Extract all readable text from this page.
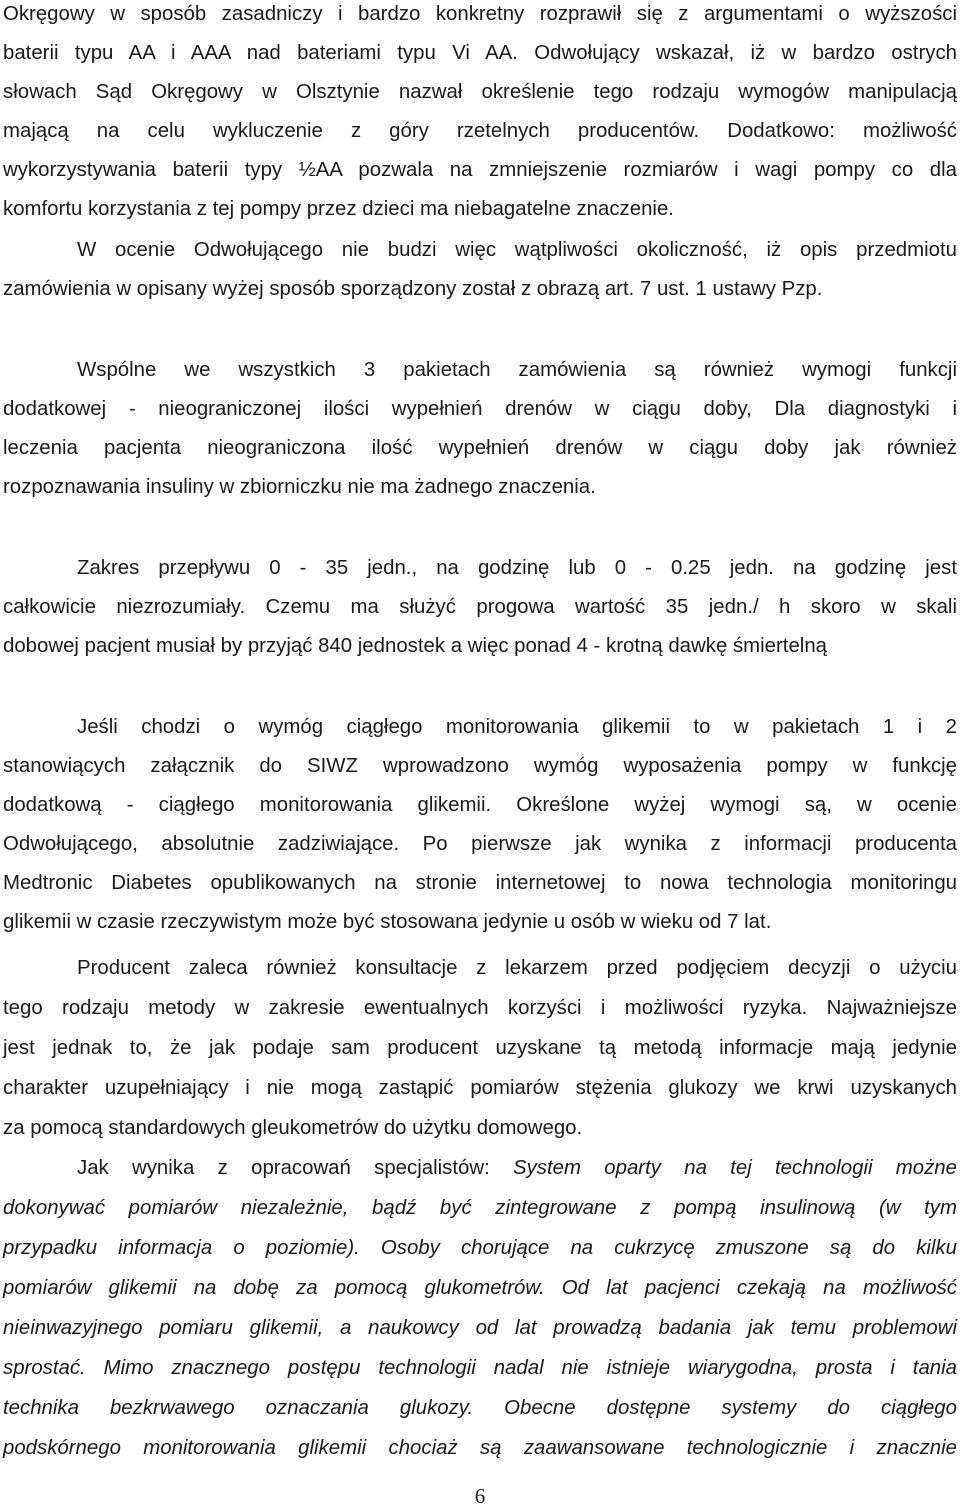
Okręgowy w sposób zasadniczy i bardzo konkretny rozprawił się z argumentami o wyższości
baterii typu AA i AAA nad bateriami typu Vi AA. Odwołujący wskazał, iż w bardzo ostrych
słowach Sąd Okręgowy w Olsztynie nazwał określenie tego rodzaju wymogów manipulacją
mającą na celu wykluczenie z góry rzetelnych producentów. Dodatkowo: możliwość
wykorzystywania baterii typy ½AA pozwala na zmniejszenie rozmiarów i wagi pompy co dla
komfortu korzystania z tej pompy przez dzieci ma niebagatelne znaczenie.
W ocenie Odwołującego nie budzi więc wątpliwości okoliczność, iż opis przedmiotu
zamówienia w opisany wyżej sposób sporządzony został z obrazą art. 7 ust. 1 ustawy Pzp.
Wspólne we wszystkich 3 pakietach zamówienia są również wymogi funkcji
dodatkowej - nieograniczonej ilości wypełnień drenów w ciągu doby, Dla diagnostyki i
leczenia pacjenta nieograniczona ilość wypełnień drenów w ciągu doby jak również
rozpoznawania insuliny w zbiorniczku nie ma żadnego znaczenia.
Zakres przepływu 0 - 35 jedn., na godzinę lub 0 - 0.25 jedn. na godzinę jest
całkowicie niezrozumiały. Czemu ma służyć progowa wartość 35 jedn./ h skoro w skali
dobowej pacjent musiał by przyjąć 840 jednostek a więc ponad 4 - krotną dawkę śmiertelną
Jeśli chodzi o wymóg ciągłego monitorowania glikemii to w pakietach 1 i 2
stanowiących załącznik do SIWZ wprowadzono wymóg wyposażenia pompy w funkcję
dodatkową - ciągłego monitorowania glikemii. Określone wyżej wymogi są, w ocenie
Odwołującego, absolutnie zadziwiające. Po pierwsze jak wynika z informacji producenta
Medtronic Diabetes opublikowanych na stronie internetowej to nowa technologia monitoringu
glikemii w czasie rzeczywistym może być stosowana jedynie u osób w wieku od 7 lat.
Producent zaleca również konsultacje z lekarzem przed podjęciem decyzji o użyciu
tego rodzaju metody w zakresie ewentualnych korzyści i możliwości ryzyka. Najważniejsze
jest jednak to, że jak podaje sam producent uzyskane tą metodą informacje mają jedynie
charakter uzupełniający i nie mogą zastąpić pomiarów stężenia glukozy we krwi uzyskanych
za pomocą standardowych gleukometrów do użytku domowego.
Jak wynika z opracowań specjalistów: System oparty na tej technologii możne
dokonywać pomiarów niezależnie, bądź być zintegrowane z pompą insulinową (w tym
przypadku informacja o poziomie). Osoby chorujące na cukrzycę zmuszone są do kilku
pomiarów glikemii na dobę za pomocą glukometrów. Od lat pacjenci czekają na możliwość
nieinwazyjnego pomiaru glikemii, a naukowcy od lat prowadzą badania jak temu problemowi
sprostać. Mimo znacznego postępu technologii nadal nie istnieje wiarygodna, prosta i tania
technika bezkrwawego oznaczania glukozy. Obecne dostępne systemy do ciągłego
podskórnego monitorowania glikemii chociaż są zaawansowane technologicznie i znacznie
6
